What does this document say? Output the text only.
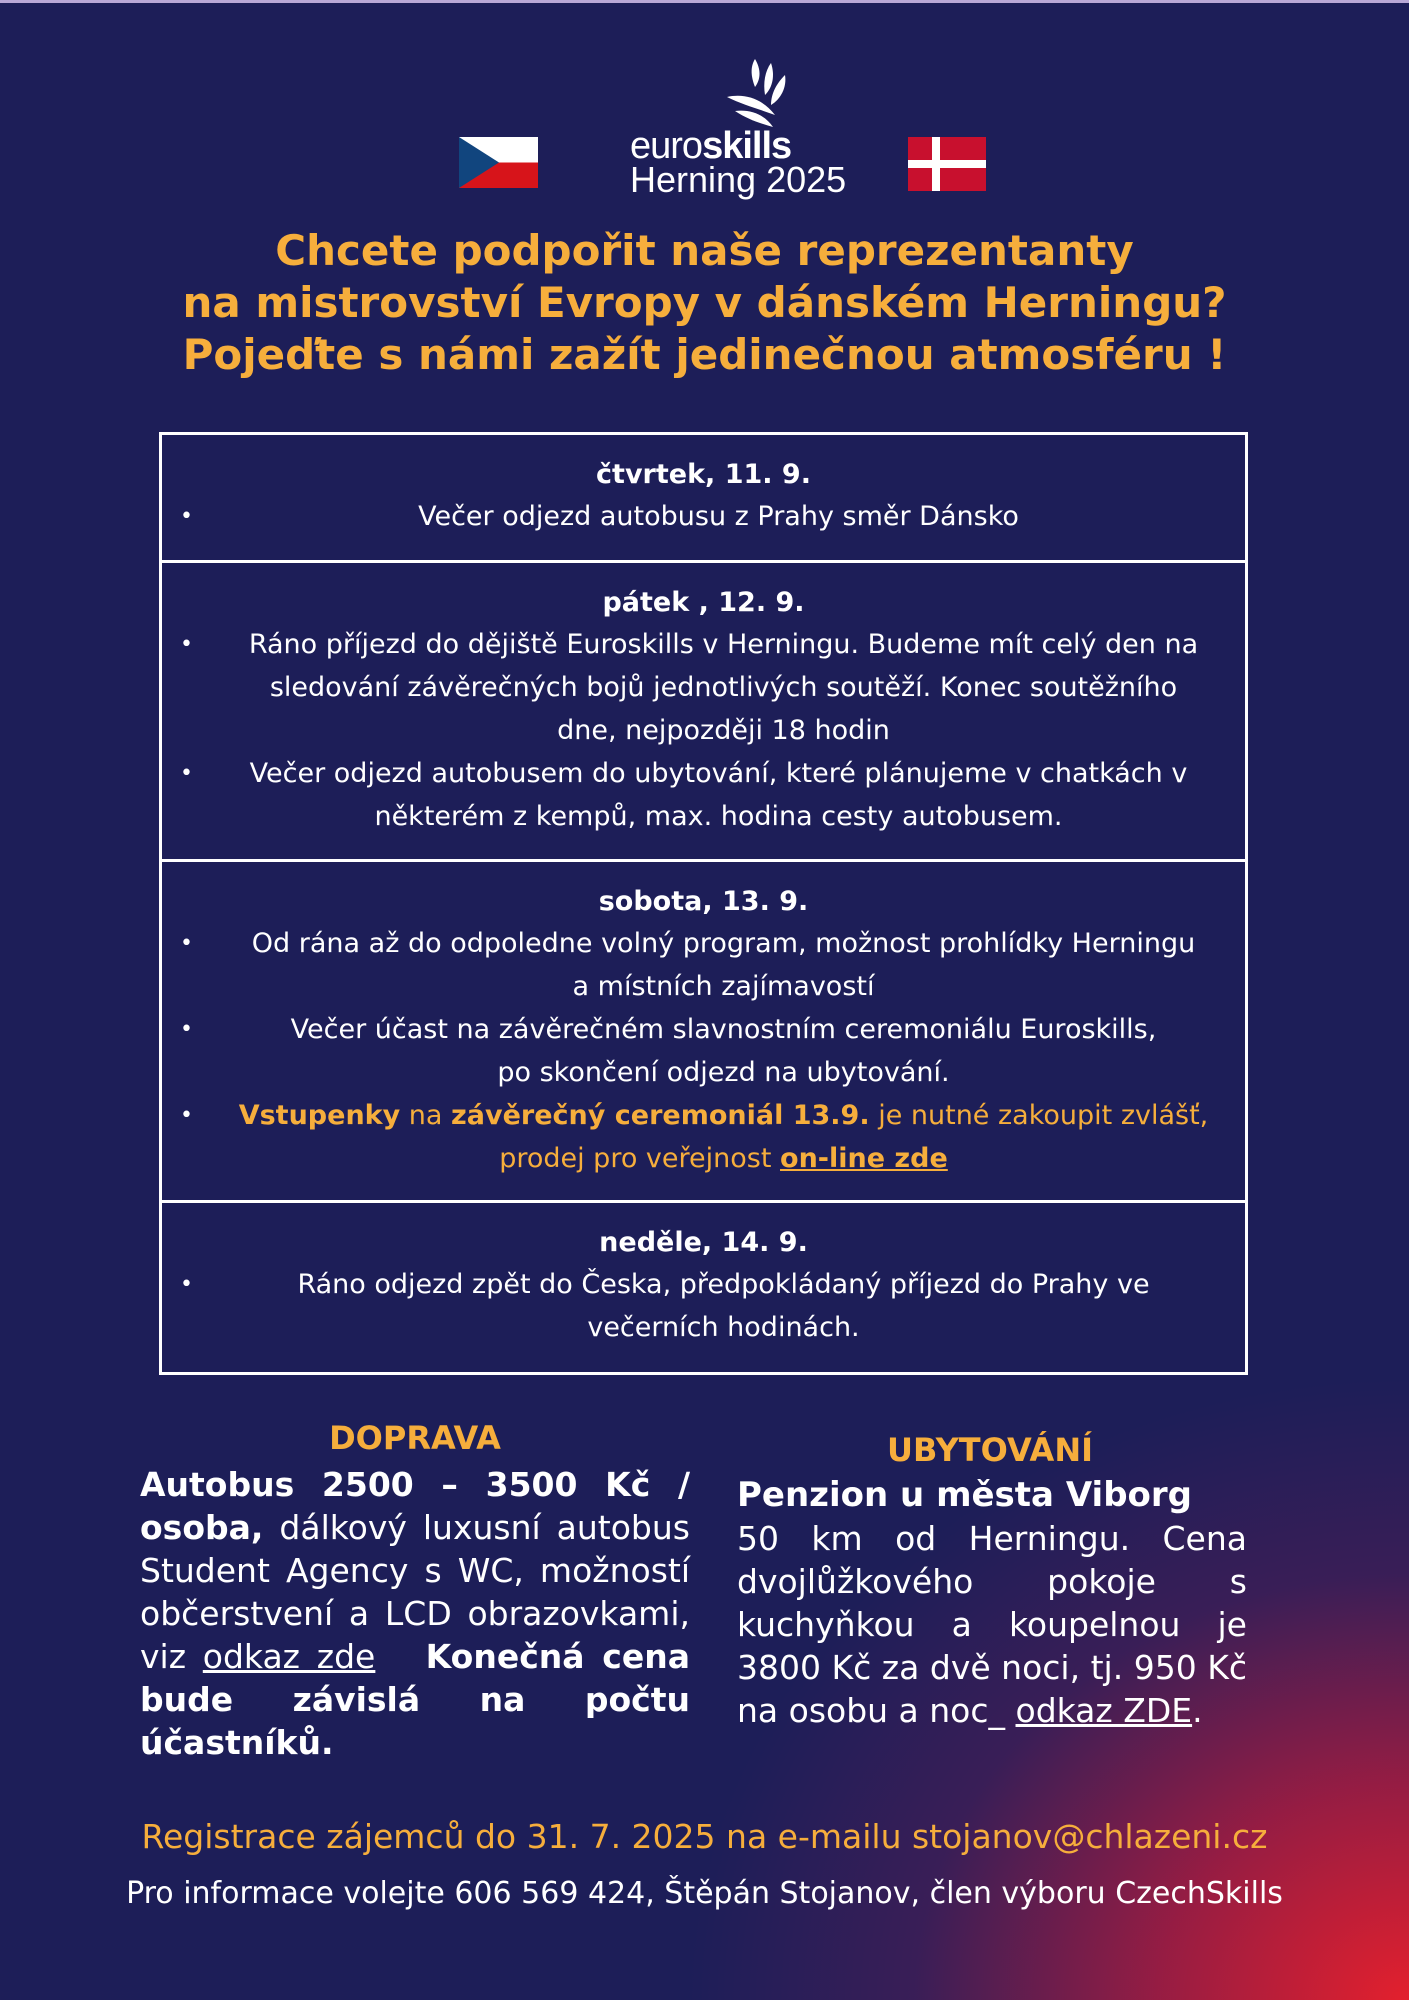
euroskills
Herning 2025
Chcete podpořit naše reprezentanty
na mistrovství Evropy v dánském Herningu?
Pojeďte s námi zažít jedinečnou atmosféru !
čtvrtek, 11. 9.
• Večer odjezd autobusu z Prahy směr Dánsko
pátek , 12. 9.
• Ráno příjezd do dějiště Euroskills v Herningu. Budeme mít celý den na sledování závěrečných bojů jednotlivých soutěží. Konec soutěžního dne, nejpozději 18 hodin
• Večer odjezd autobusem do ubytování, které plánujeme v chatkách v některém z kempů, max. hodina cesty autobusem.
sobota, 13. 9.
• Od rána až do odpoledne volný program, možnost prohlídky Herningu a místních zajímavostí
• Večer účast na závěrečném slavnostním ceremoniálu Euroskills, po skončení odjezd na ubytování.
• Vstupenky na závěrečný ceremoniál 13.9. je nutné zakoupit zvlášť, prodej pro veřejnost on-line zde
neděle, 14. 9.
• Ráno odjezd zpět do Česka, předpokládaný příjezd do Prahy ve večerních hodinách.
DOPRAVA
Autobus 2500 – 3500 Kč / osoba, dálkový luxusní autobus Student Agency s WC, možností občerstvení a LCD obrazovkami, viz odkaz zde Konečná cena bude závislá na počtu účastníků.
UBYTOVÁNÍ
Penzion u města Viborg
50 km od Herningu. Cena dvojlůžkového pokoje s kuchyňkou a koupelnou je 3800 Kč za dvě noci, tj. 950 Kč na osobu a noc_ odkaz ZDE.
Registrace zájemců do 31. 7. 2025 na e-mailu stojanov@chlazeni.cz
Pro informace volejte 606 569 424, Štěpán Stojanov, člen výboru CzechSkills
